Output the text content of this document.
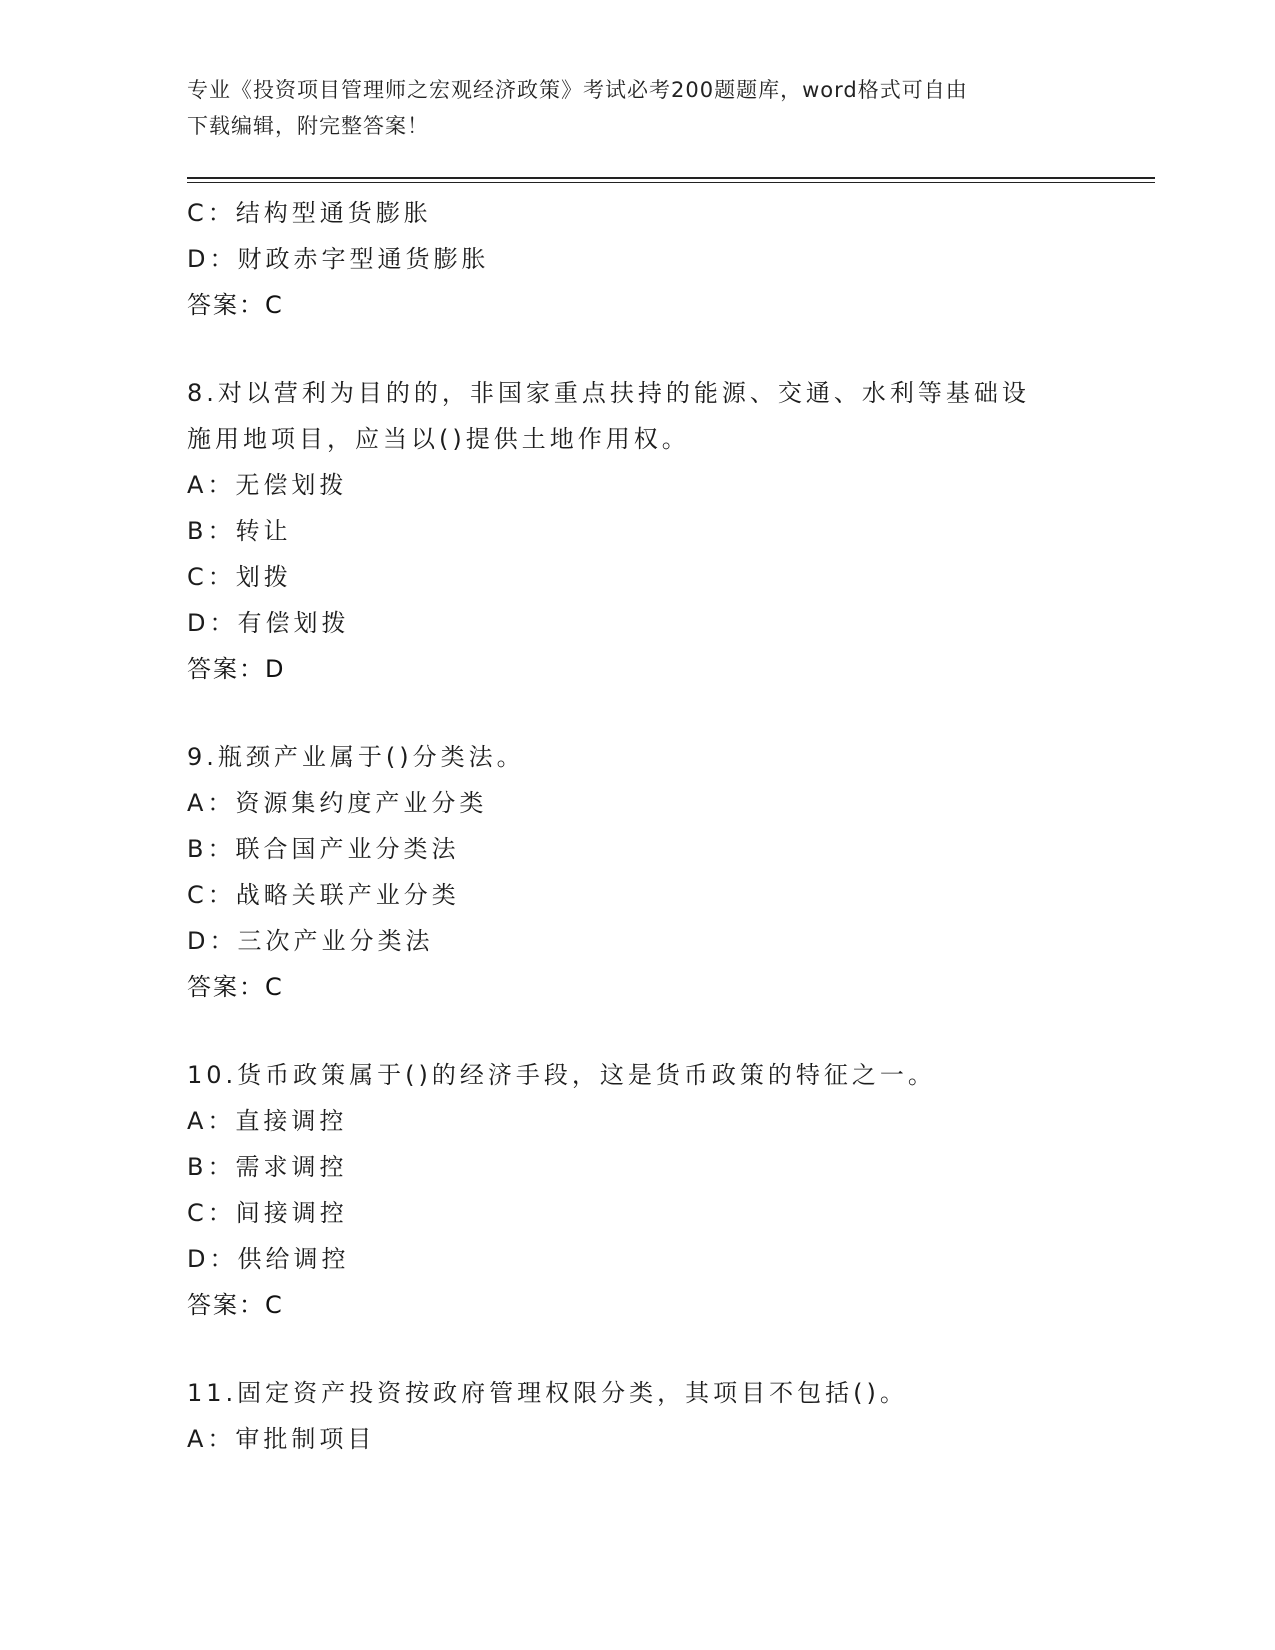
专业《投资项目管理师之宏观经济政策》考试必考200题题库，word格式可自由
下载编辑，附完整答案！
C：结构型通货膨胀
D：财政赤字型通货膨胀
答案：C
8.对以营利为目的的，非国家重点扶持的能源、交通、水利等基础设
施用地项目，应当以()提供土地作用权。
A：无偿划拨
B：转让
C：划拨
D：有偿划拨
答案：D
9.瓶颈产业属于()分类法。
A：资源集约度产业分类
B：联合国产业分类法
C：战略关联产业分类
D：三次产业分类法
答案：C
10.货币政策属于()的经济手段，这是货币政策的特征之一。
A：直接调控
B：需求调控
C：间接调控
D：供给调控
答案：C
11.固定资产投资按政府管理权限分类，其项目不包括()。
A：审批制项目
